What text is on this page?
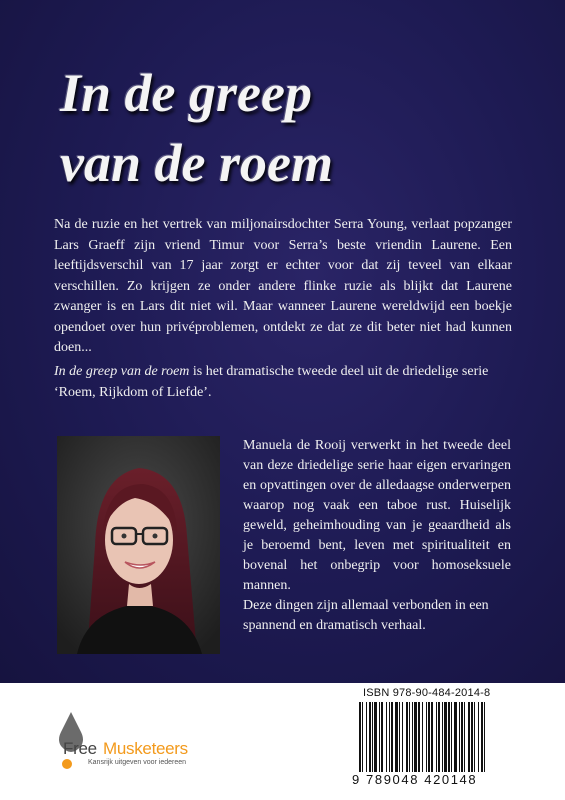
In de greep
van de roem

Na de ruzie en het vertrek van miljonairsdochter Serra Young, verlaat popzanger Lars Graeff zijn vriend Timur voor Serra’s beste vriendin Laurene. Een leeftijdsverschil van 17 jaar zorgt er echter voor dat zij teveel van elkaar verschillen. Zo krijgen ze onder andere flinke ruzie als blijkt dat Laurene zwanger is en Lars dit niet wil. Maar wanneer Laurene wereldwijd een boekje opendoet over hun privéproblemen, ontdekt ze dat ze dit beter niet had kunnen doen...

In de greep van de roem is het dramatische tweede deel uit de driedelige serie ‘Roem, Rijkdom of Liefde’.

Manuela de Rooij verwerkt in het tweede deel van deze driedelige serie haar eigen ervaringen en opvattingen over de alledaagse onderwerpen waarop nog vaak een taboe rust. Huiselijk geweld, geheimhouding van je geaardheid als je beroemd bent, leven met spiritualiteit en bovenal het onbegrip voor homoseksuele mannen.

Deze dingen zijn allemaal verbonden in een spannend en dramatisch verhaal.

Free Musketeers
Kansrijk uitgeven voor iedereen
ISBN 978-90-484-2014-8
9 789048 420148
